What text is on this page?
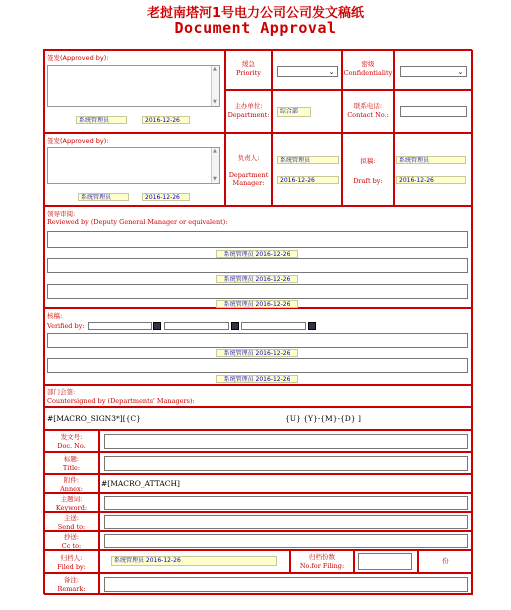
老挝南塔河1号电力公司公司发文稿纸
Document Approval
签发(Approved by):
▲
▼
系统管理员	2016-12-26
缓急
Priority	⌄
密级
Confidentiality	⌄
主办单位:
Department:	综合部
联系电话:
Contact No.:
签发(Approved by):
▲
▼
系统管理员	2016-12-26
负责人:
Department
Manager:
系统管理员
2016-12-26
拟稿:
Draft by:
系统管理员
2016-12-26
领导审阅:
Reviewed by (Deputy General Manager or equivalent):
系统管理员 2016-12-26
系统管理员 2016-12-26
系统管理员 2016-12-26
核稿:
Verified by:
系统管理员 2016-12-26
系统管理员 2016-12-26
部门会签:
Countersigned by (Departments' Managers):
#[MACRO_SIGN3*][{C}	{U} {Y}-{M}-{D} ]
发文号:
Doc. No.
标题:
Title:
附件:
Annex:
#[MACRO_ATTACH]
主题词:
Keyword:
主送:
Send to:
抄送:
Cc to:
归档人:
Filed by:
系统管理员 2016-12-26	归档份数
No.for Filing:
份
备注:
Remark:
